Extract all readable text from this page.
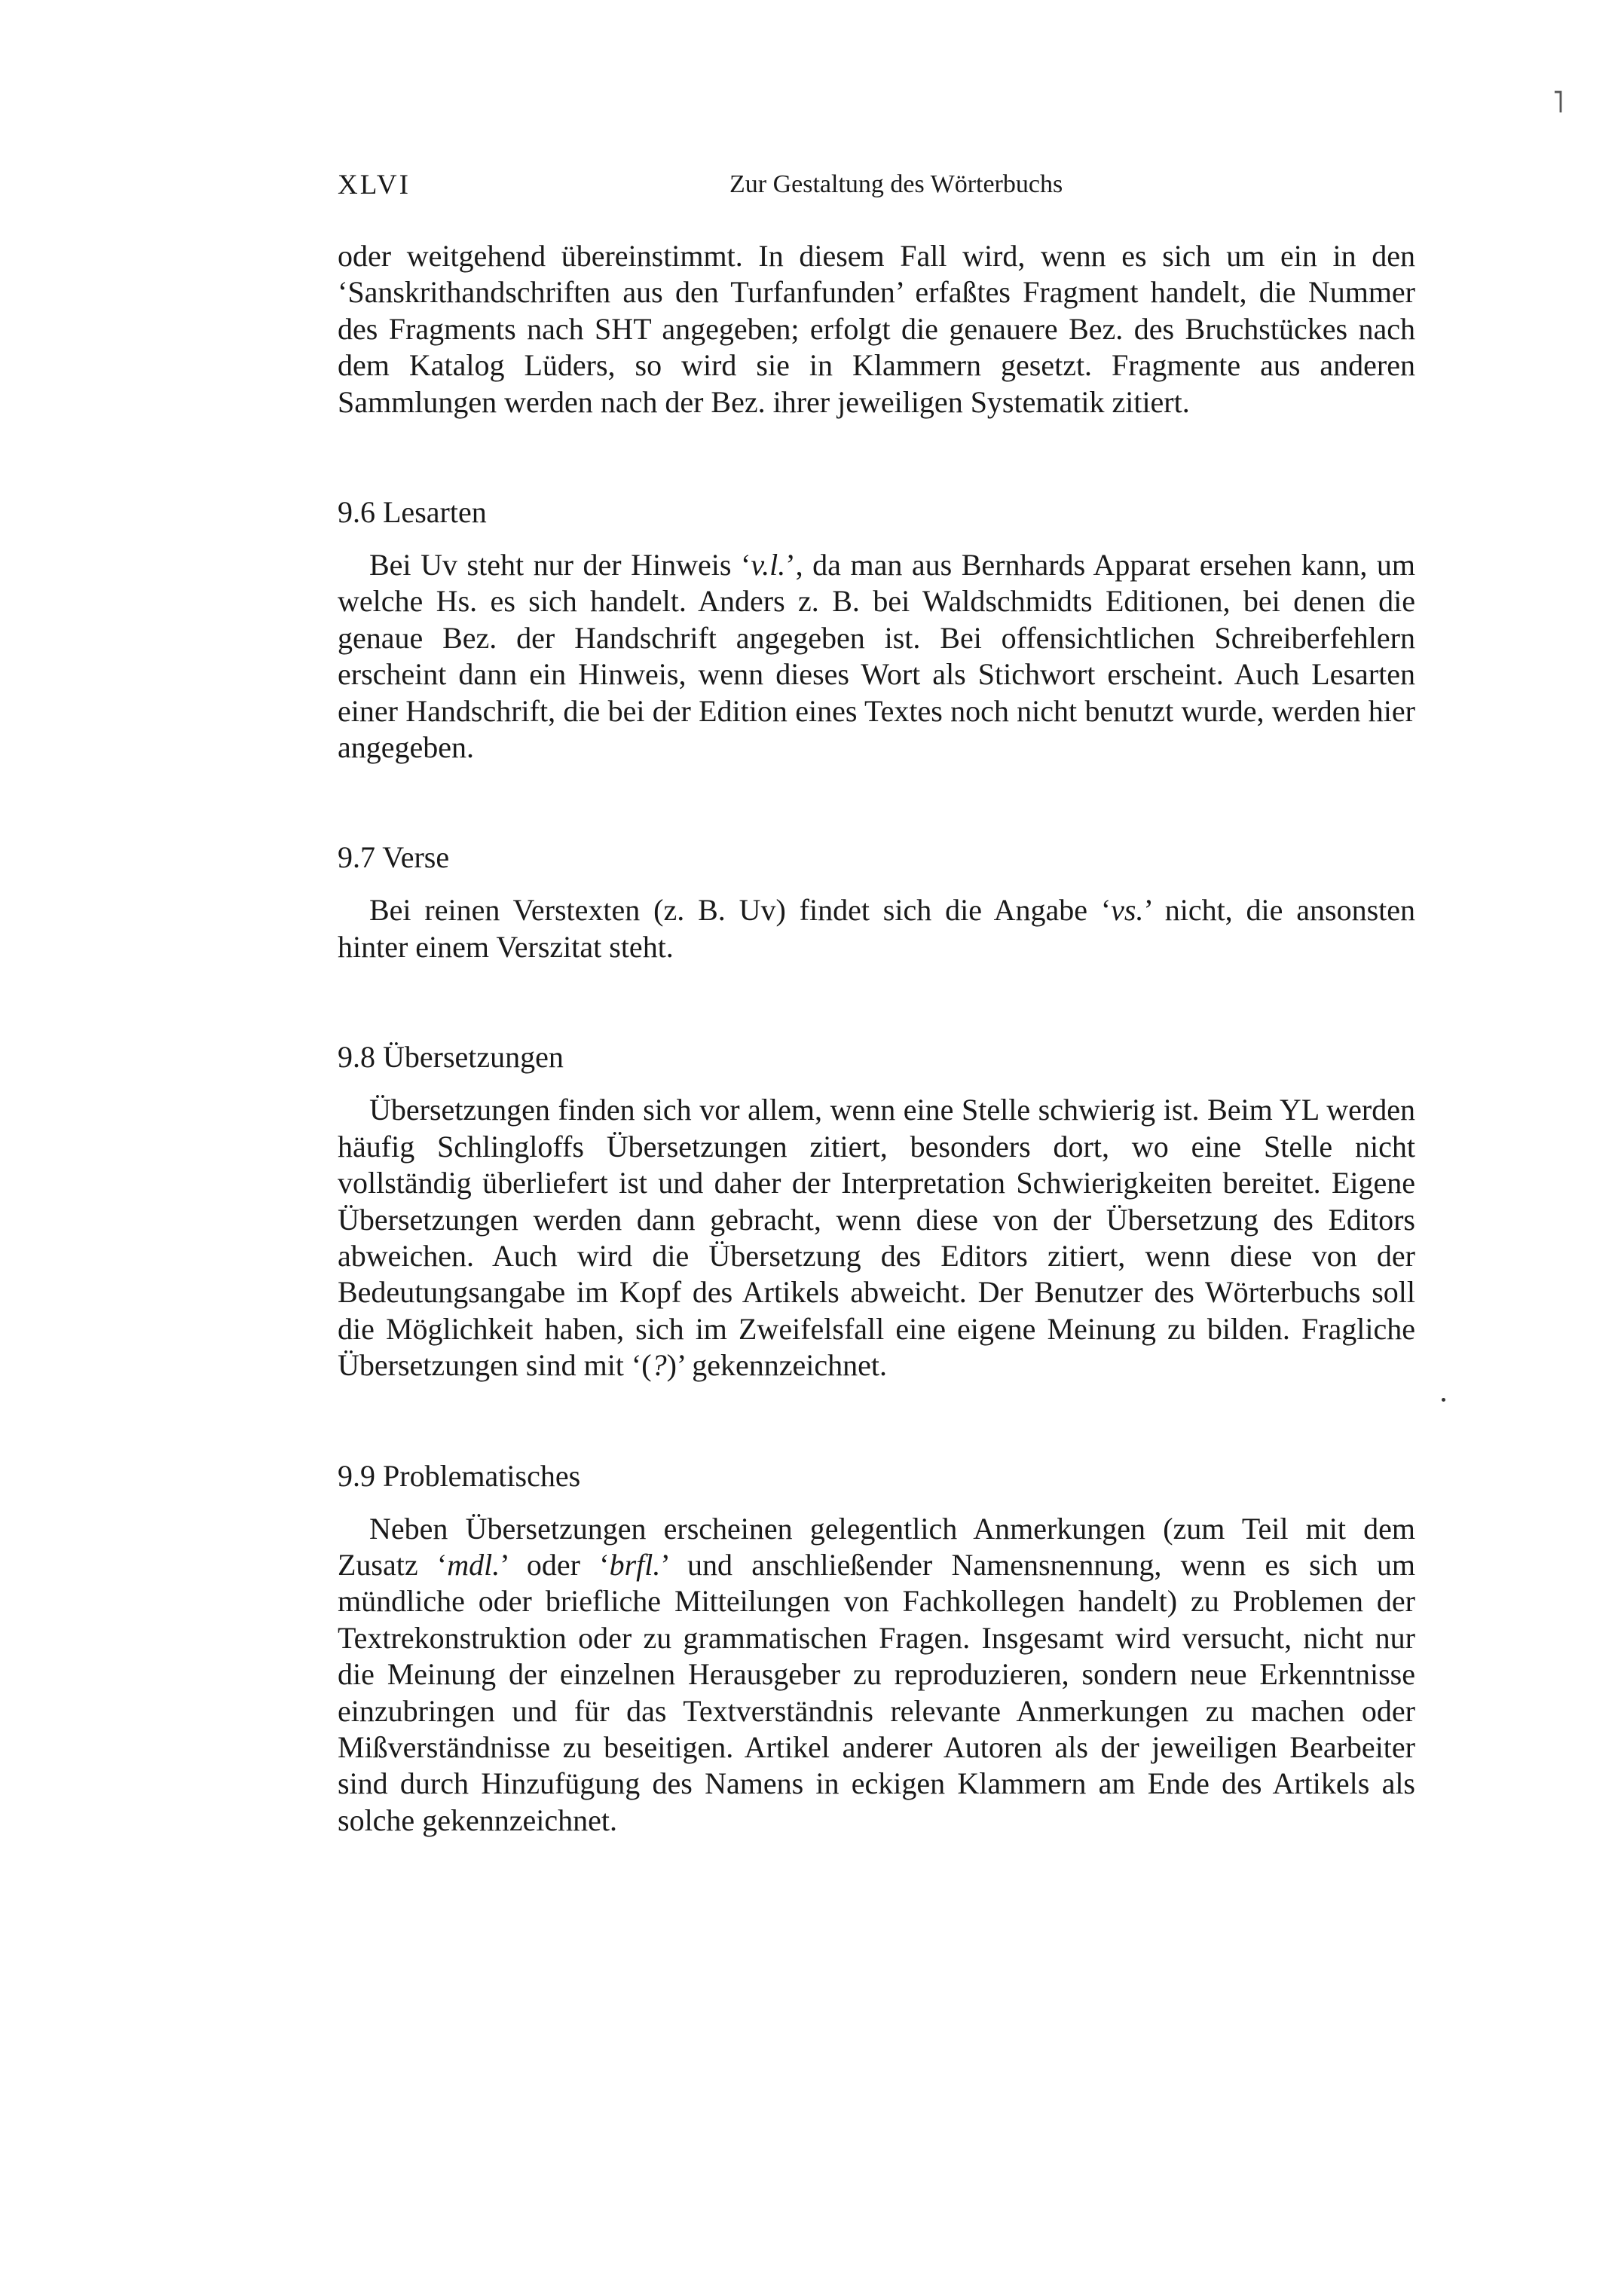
˥
XLVI	Zur Gestaltung des Wörterbuchs

oder weitgehend übereinstimmt. In diesem Fall wird, wenn es sich um ein in den ‘Sanskrithandschriften aus den Turfanfunden’ erfaßtes Fragment handelt, die Nummer des Fragments nach SHT angegeben; erfolgt die genauere Bez. des Bruchstückes nach dem Katalog Lüders, so wird sie in Klammern gesetzt. Fragmente aus anderen Sammlungen werden nach der Bez. ihrer jeweiligen Systematik zitiert.

9.6 Lesarten

Bei Uv steht nur der Hinweis ‘v.l.’, da man aus Bernhards Apparat ersehen kann, um welche Hs. es sich handelt. Anders z. B. bei Waldschmidts Editionen, bei denen die genaue Bez. der Handschrift angegeben ist. Bei offensichtlichen Schreiberfehlern erscheint dann ein Hinweis, wenn dieses Wort als Stichwort erscheint. Auch Lesarten einer Handschrift, die bei der Edition eines Textes noch nicht benutzt wurde, werden hier angegeben.

9.7 Verse

Bei reinen Verstexten (z. B. Uv) findet sich die Angabe ‘vs.’ nicht, die ansonsten hinter einem Verszitat steht.

9.8 Übersetzungen

Übersetzungen finden sich vor allem, wenn eine Stelle schwierig ist. Beim YL werden häufig Schlingloffs Übersetzungen zitiert, besonders dort, wo eine Stelle nicht vollständig überliefert ist und daher der Interpretation Schwierigkeiten bereitet. Eigene Übersetzungen werden dann gebracht, wenn diese von der Übersetzung des Editors abweichen. Auch wird die Übersetzung des Editors zitiert, wenn diese von der Bedeutungsangabe im Kopf des Artikels abweicht. Der Benutzer des Wörterbuchs soll die Möglichkeit haben, sich im Zweifelsfall eine eigene Meinung zu bilden. Fragliche Übersetzungen sind mit ‘(?)’ gekennzeichnet.

9.9 Problematisches

Neben Übersetzungen erscheinen gelegentlich Anmerkungen (zum Teil mit dem Zusatz ‘mdl.’ oder ‘brfl.’ und anschließender Namensnennung, wenn es sich um mündliche oder briefliche Mitteilungen von Fachkollegen handelt) zu Problemen der Textrekonstruktion oder zu grammatischen Fragen. Insgesamt wird versucht, nicht nur die Meinung der einzelnen Herausgeber zu reproduzieren, sondern neue Erkenntnisse einzubringen und für das Textverständnis relevante Anmerkungen zu machen oder Mißverständnisse zu beseitigen. Artikel anderer Autoren als der jeweiligen Bearbeiter sind durch Hinzufügung des Namens in eckigen Klammern am Ende des Artikels als solche gekennzeichnet.
